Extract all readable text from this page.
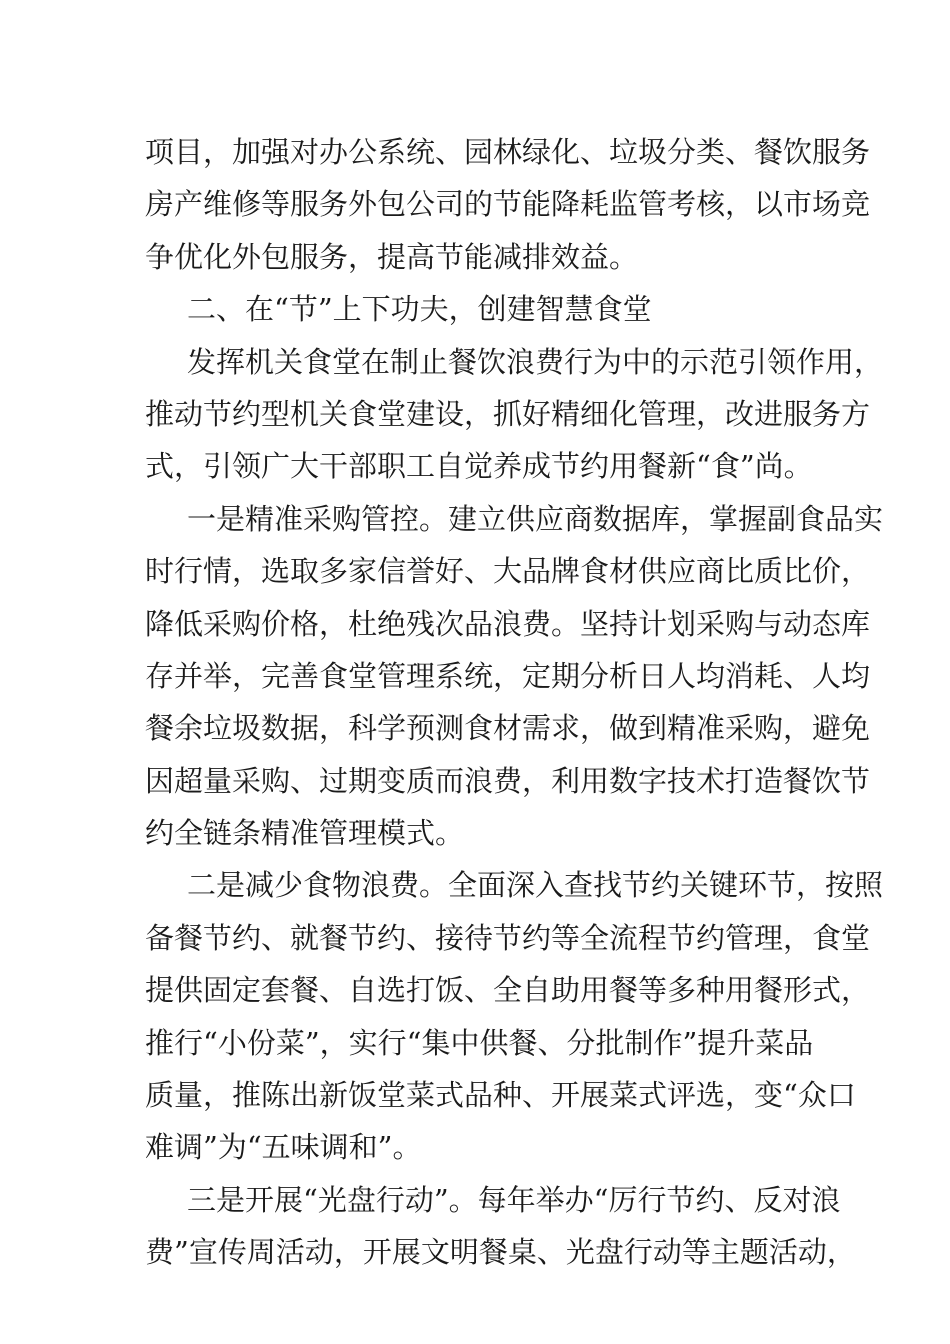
项目，加强对办公系统、园林绿化、垃圾分类、餐饮服务
房产维修等服务外包公司的节能降耗监管考核，以市场竞
争优化外包服务，提高节能减排效益。
二、在“节”上下功夫，创建智慧食堂
发挥机关食堂在制止餐饮浪费行为中的示范引领作用，
推动节约型机关食堂建设，抓好精细化管理，改进服务方
式，引领广大干部职工自觉养成节约用餐新“食”尚。
一是精准采购管控。建立供应商数据库，掌握副食品实
时行情，选取多家信誉好、大品牌食材供应商比质比价，
降低采购价格，杜绝残次品浪费。坚持计划采购与动态库
存并举，完善食堂管理系统，定期分析日人均消耗、人均
餐余垃圾数据，科学预测食材需求，做到精准采购，避免
因超量采购、过期变质而浪费，利用数字技术打造餐饮节
约全链条精准管理模式。
二是减少食物浪费。全面深入查找节约关键环节，按照
备餐节约、就餐节约、接待节约等全流程节约管理，食堂
提供固定套餐、自选打饭、全自助用餐等多种用餐形式，
推行“小份菜”，实行“集中供餐、分批制作”提升菜品
质量，推陈出新饭堂菜式品种、开展菜式评选，变“众口
难调”为“五味调和”。
三是开展“光盘行动”。每年举办“厉行节约、反对浪
费”宣传周活动，开展文明餐桌、光盘行动等主题活动，
